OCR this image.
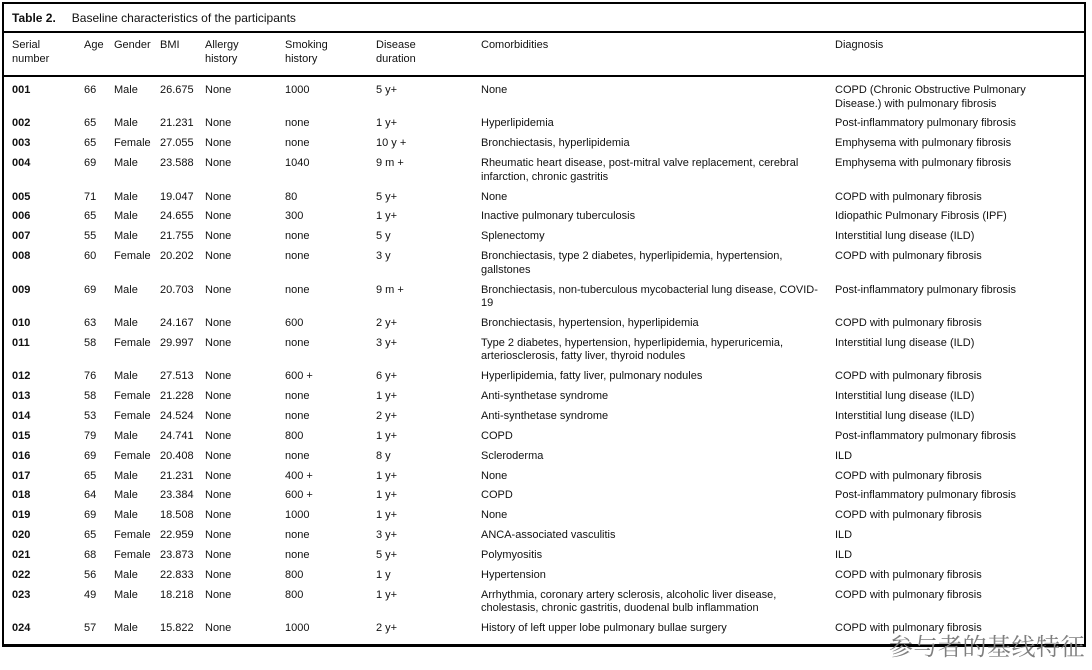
Table 2. Baseline characteristics of the participants
Serial number	Age	Gender	BMI	Allergy history	Smoking history	Disease duration	Comorbidities	Diagnosis
001	66	Male	26.675	None	1000	5 y+	None	COPD (Chronic Obstructive Pulmonary Disease.) with pulmonary fibrosis
002	65	Male	21.231	None	none	1 y+	Hyperlipidemia	Post-inflammatory pulmonary fibrosis
003	65	Female	27.055	None	none	10 y +	Bronchiectasis, hyperlipidemia	Emphysema with pulmonary fibrosis
004	69	Male	23.588	None	1040	9 m +	Rheumatic heart disease, post-mitral valve replacement, cerebral infarction, chronic gastritis	Emphysema with pulmonary fibrosis
005	71	Male	19.047	None	80	5 y+	None	COPD with pulmonary fibrosis
006	65	Male	24.655	None	300	1 y+	Inactive pulmonary tuberculosis	Idiopathic Pulmonary Fibrosis (IPF)
007	55	Male	21.755	None	none	5 y	Splenectomy	Interstitial lung disease (ILD)
008	60	Female	20.202	None	none	3 y	Bronchiectasis, type 2 diabetes, hyperlipidemia, hypertension, gallstones	COPD with pulmonary fibrosis
009	69	Male	20.703	None	none	9 m +	Bronchiectasis, non-tuberculous mycobacterial lung disease, COVID-19	Post-inflammatory pulmonary fibrosis
010	63	Male	24.167	None	600	2 y+	Bronchiectasis, hypertension, hyperlipidemia	COPD with pulmonary fibrosis
011	58	Female	29.997	None	none	3 y+	Type 2 diabetes, hypertension, hyperlipidemia, hyperuricemia, arteriosclerosis, fatty liver, thyroid nodules	Interstitial lung disease (ILD)
012	76	Male	27.513	None	600 +	6 y+	Hyperlipidemia, fatty liver, pulmonary nodules	COPD with pulmonary fibrosis
013	58	Female	21.228	None	none	1 y+	Anti-synthetase syndrome	Interstitial lung disease (ILD)
014	53	Female	24.524	None	none	2 y+	Anti-synthetase syndrome	Interstitial lung disease (ILD)
015	79	Male	24.741	None	800	1 y+	COPD	Post-inflammatory pulmonary fibrosis
016	69	Female	20.408	None	none	8 y	Scleroderma	ILD
017	65	Male	21.231	None	400 +	1 y+	None	COPD with pulmonary fibrosis
018	64	Male	23.384	None	600 +	1 y+	COPD	Post-inflammatory pulmonary fibrosis
019	69	Male	18.508	None	1000	1 y+	None	COPD with pulmonary fibrosis
020	65	Female	22.959	None	none	3 y+	ANCA-associated vasculitis	ILD
021	68	Female	23.873	None	none	5 y+	Polymyositis	ILD
022	56	Male	22.833	None	800	1 y	Hypertension	COPD with pulmonary fibrosis
023	49	Male	18.218	None	800	1 y+	Arrhythmia, coronary artery sclerosis, alcoholic liver disease, cholestasis, chronic gastritis, duodenal bulb inflammation	COPD with pulmonary fibrosis
024	57	Male	15.822	None	1000	2 y+	History of left upper lobe pulmonary bullae surgery	COPD with pulmonary fibrosis
参与者的基线特征
